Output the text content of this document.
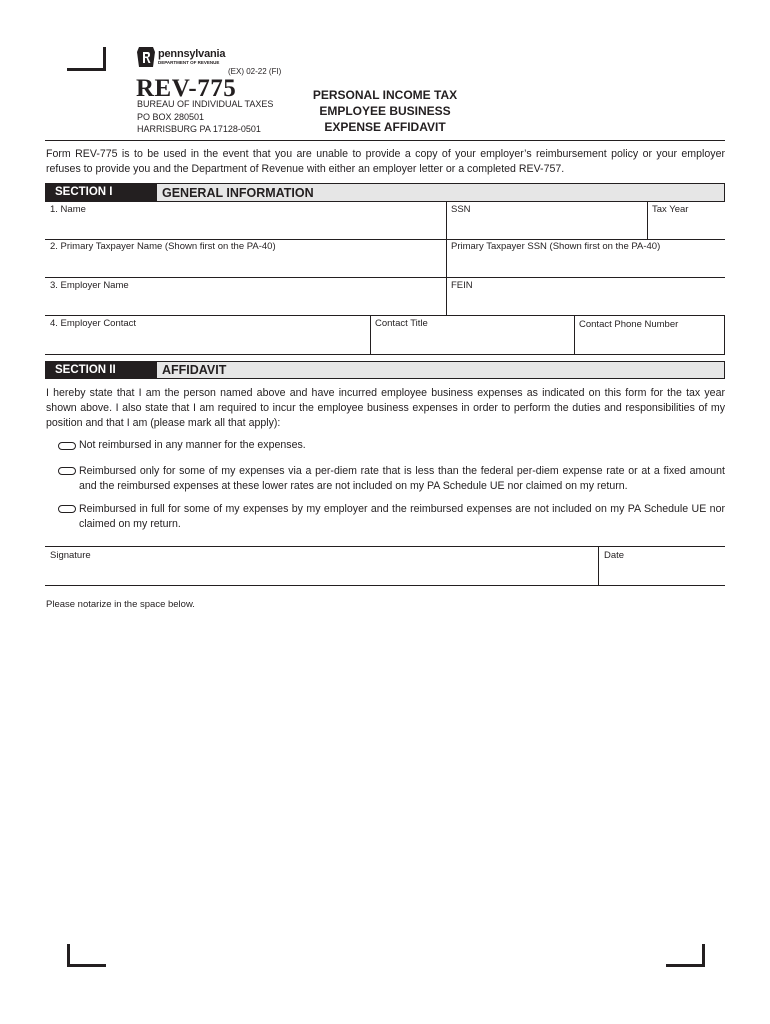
pennsylvania
DEPARTMENT OF REVENUE
(EX) 02-22 (FI)
REV-775
BUREAU OF INDIVIDUAL TAXES
PO BOX 280501
HARRISBURG PA 17128-0501
PERSONAL INCOME TAX
EMPLOYEE BUSINESS
EXPENSE AFFIDAVIT
Form REV-775 is to be used in the event that you are unable to provide a copy of your employer’s reimbursement policy or your employer refuses to provide you and the Department of Revenue with either an employer letter or a completed REV-757.
SECTION I	GENERAL INFORMATION
1. Name	SSN	Tax Year
2. Primary Taxpayer Name (Shown first on the PA-40)	Primary Taxpayer SSN (Shown first on the PA-40)
3. Employer Name	FEIN
4. Employer Contact	Contact Title	Contact Phone Number
SECTION II	AFFIDAVIT
I hereby state that I am the person named above and have incurred employee business expenses as indicated on this form for the tax year shown above. I also state that I am required to incur the employee business expenses in order to perform the duties and responsibilities of my position and that I am (please mark all that apply):
Not reimbursed in any manner for the expenses.
Reimbursed only for some of my expenses via a per-diem rate that is less than the federal per-diem expense rate or at a fixed amount and the reimbursed expenses at these lower rates are not included on my PA Schedule UE nor claimed on my return.
Reimbursed in full for some of my expenses by my employer and the reimbursed expenses are not included on my PA Schedule UE nor claimed on my return.
Signature	Date
Please notarize in the space below.
